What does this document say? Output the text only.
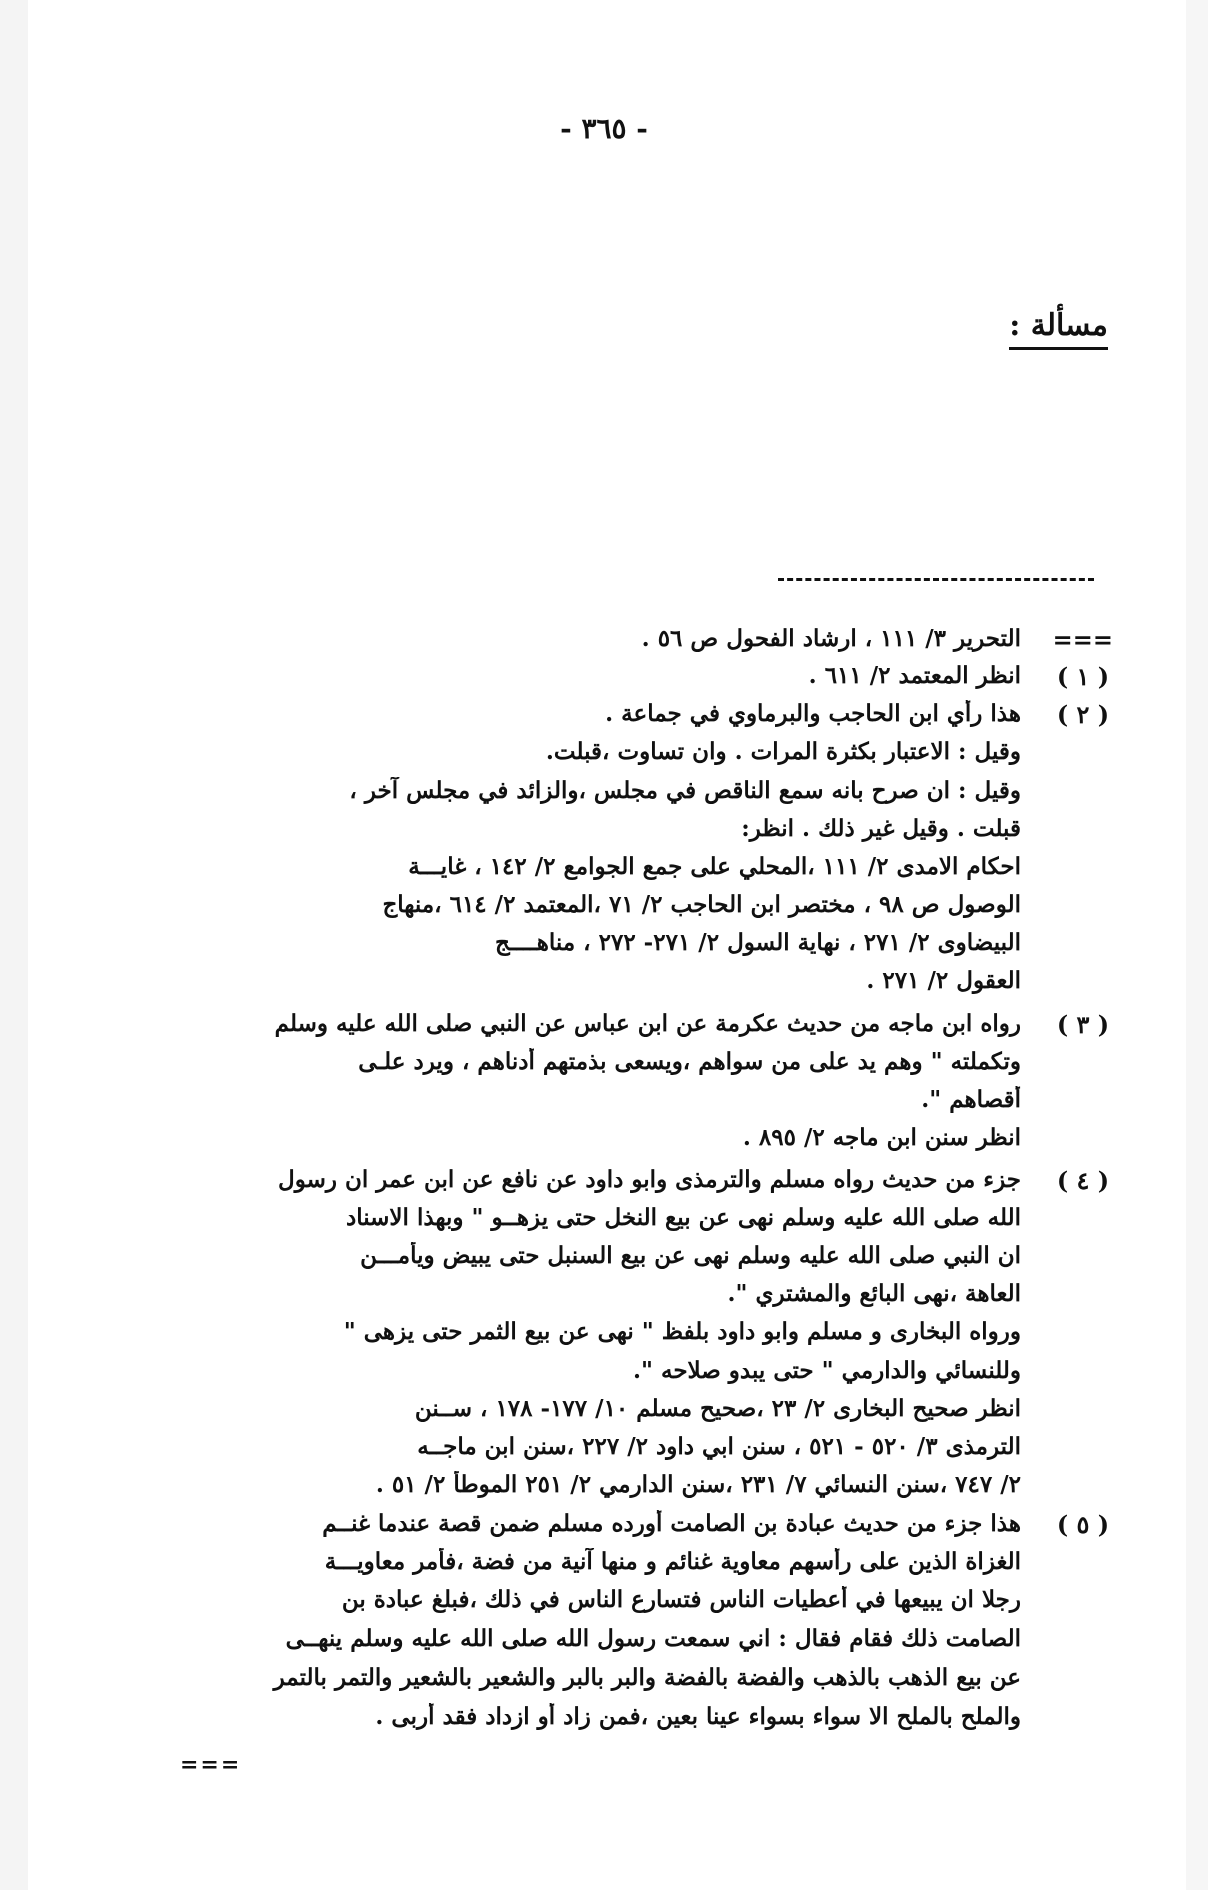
- ٣٦٥ -
مسألة :
===
التحرير ٣/ ١١١ ، ارشاد الفحول ص ٥٦ .
( ١ )
انظر المعتمد ٢/ ٦١١ .
( ٢ )
هذا رأي ابن الحاجب والبرماوي في جماعة .
وقيل : الاعتبار بكثرة المرات . وان تساوت ،قبلت.
وقيل : ان صرح بانه سمع الناقص في مجلس ،والزائد في مجلس آخر ،
قبلت . وقيل غير ذلك . انظر:
احكام الامدى ٢/ ١١١ ،المحلي على جمع الجوامع ٢/ ١٤٢ ، غايـــة
الوصول ص ٩٨ ، مختصر ابن الحاجب ٢/ ٧١ ،المعتمد ٢/ ٦١٤ ،منهاج
البيضاوى ٢/ ٢٧١ ، نهاية السول ٢/ ٢٧١- ٢٧٢ ، مناهــــج
العقول ٢/ ٢٧١ .
( ٣ )
رواه ابن ماجه من حديث عكرمة عن ابن عباس عن النبي صلى الله عليه وسلم
وتكملته " وهم يد على من سواهم ،ويسعى بذمتهم أدناهم ، ويرد علـى
أقصاهم ".
انظر سنن ابن ماجه ٢/ ٨٩٥ .
( ٤ )
جزء من حديث رواه مسلم والترمذى وابو داود عن نافع عن ابن عمر ان رسول
الله صلى الله عليه وسلم نهى عن بيع النخل حتى يزهــو " وبهذا الاسناد
ان النبي صلى الله عليه وسلم نهى عن بيع السنبل حتى يبيض ويأمـــن
العاهة ،نهى البائع والمشتري ".
ورواه البخارى و مسلم وابو داود بلفظ " نهى عن بيع الثمر حتى يزهى "
وللنسائي والدارمي " حتى يبدو صلاحه ".
انظر صحيح البخارى ٢/ ٢٣ ،صحيح مسلم ١٠/ ١٧٧- ١٧٨ ، ســنن
الترمذى ٣/ ٥٢٠ - ٥٢١ ، سنن ابي داود ٢/ ٢٢٧ ،سنن ابن ماجــه
٢/ ٧٤٧ ،سنن النسائي ٧/ ٢٣١ ،سنن الدارمي ٢/ ٢٥١ الموطأ ٢/ ٥١ .
( ٥ )
هذا جزء من حديث عبادة بن الصامت أورده مسلم ضمن قصة عندما غنــم
الغزاة الذين على رأسهم معاوية غنائم و منها آنية من فضة ،فأمر معاويـــة
رجلا ان يبيعها في أعطيات الناس فتسارع الناس في ذلك ،فبلغ عبادة بن
الصامت ذلك فقام فقال : اني سمعت رسول الله صلى الله عليه وسلم ينهــى
عن بيع الذهب بالذهب والفضة بالفضة والبر بالبر والشعير بالشعير والتمر بالتمر
والملح بالملح الا سواء بسواء عينا بعين ،فمن زاد أو ازداد فقد أربى .
===
